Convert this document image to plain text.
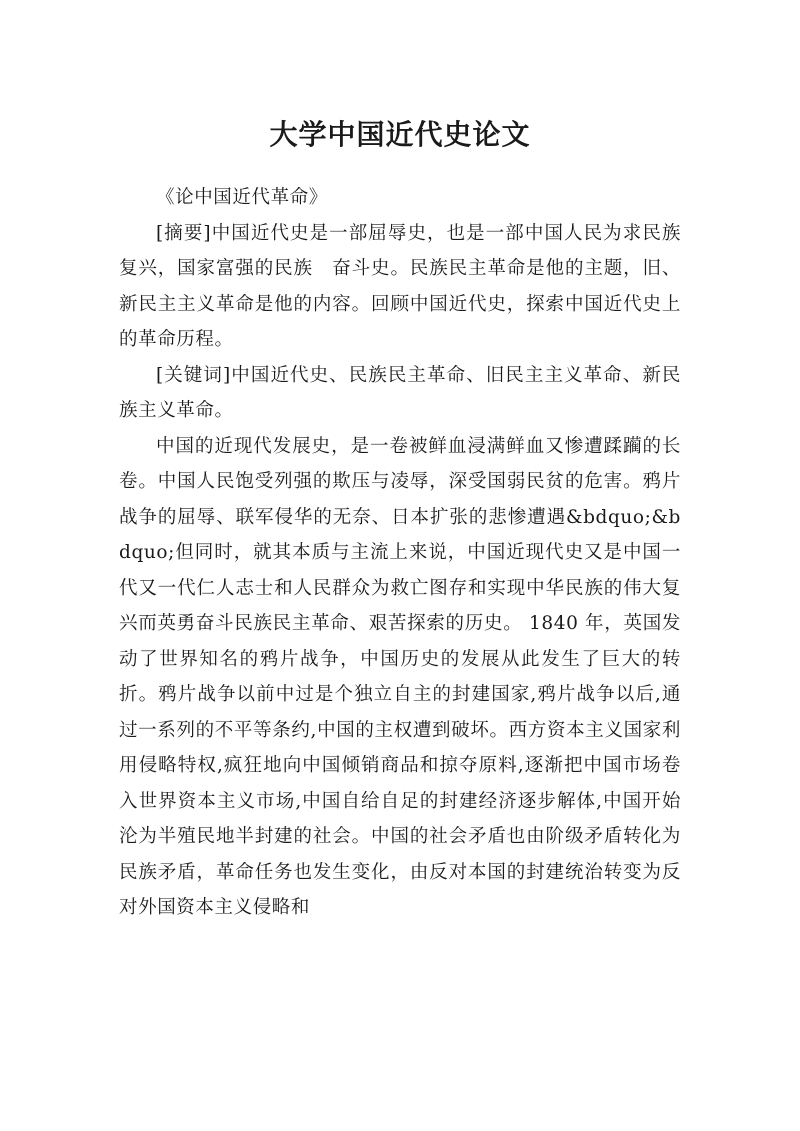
大学中国近代史论文

《论中国近代革命》

[摘要]中国近代史是一部屈辱史，也是一部中国人民为求民族复兴，国家富强的民族　奋斗史。民族民主革命是他的主题，旧、新民主主义革命是他的内容。回顾中国近代史，探索中国近代史上的革命历程。

[关键词]中国近代史、民族民主革命、旧民主主义革命、新民族主义革命。

中国的近现代发展史，是一卷被鲜血浸满鲜血又惨遭蹂躏的长卷。中国人民饱受列强的欺压与凌辱，深受国弱民贫的危害。鸦片战争的屈辱、联军侵华的无奈、日本扩张的悲惨遭遇&bdquo;&bdquo;但同时，就其本质与主流上来说，中国近现代史又是中国一代又一代仁人志士和人民群众为救亡图存和实现中华民族的伟大复兴而英勇奋斗民族民主革命、艰苦探索的历史。 1840 年，英国发动了世界知名的鸦片战争，中国历史的发展从此发生了巨大的转折。鸦片战争以前中过是个独立自主的封建国家,鸦片战争以后,通过一系列的不平等条约,中国的主权遭到破坏。西方资本主义国家利用侵略特权,疯狂地向中国倾销商品和掠夺原料,逐渐把中国市场卷入世界资本主义市场,中国自给自足的封建经济逐步解体,中国开始沦为半殖民地半封建的社会。中国的社会矛盾也由阶级矛盾转化为民族矛盾，革命任务也发生变化，由反对本国的封建统治转变为反对外国资本主义侵略和
